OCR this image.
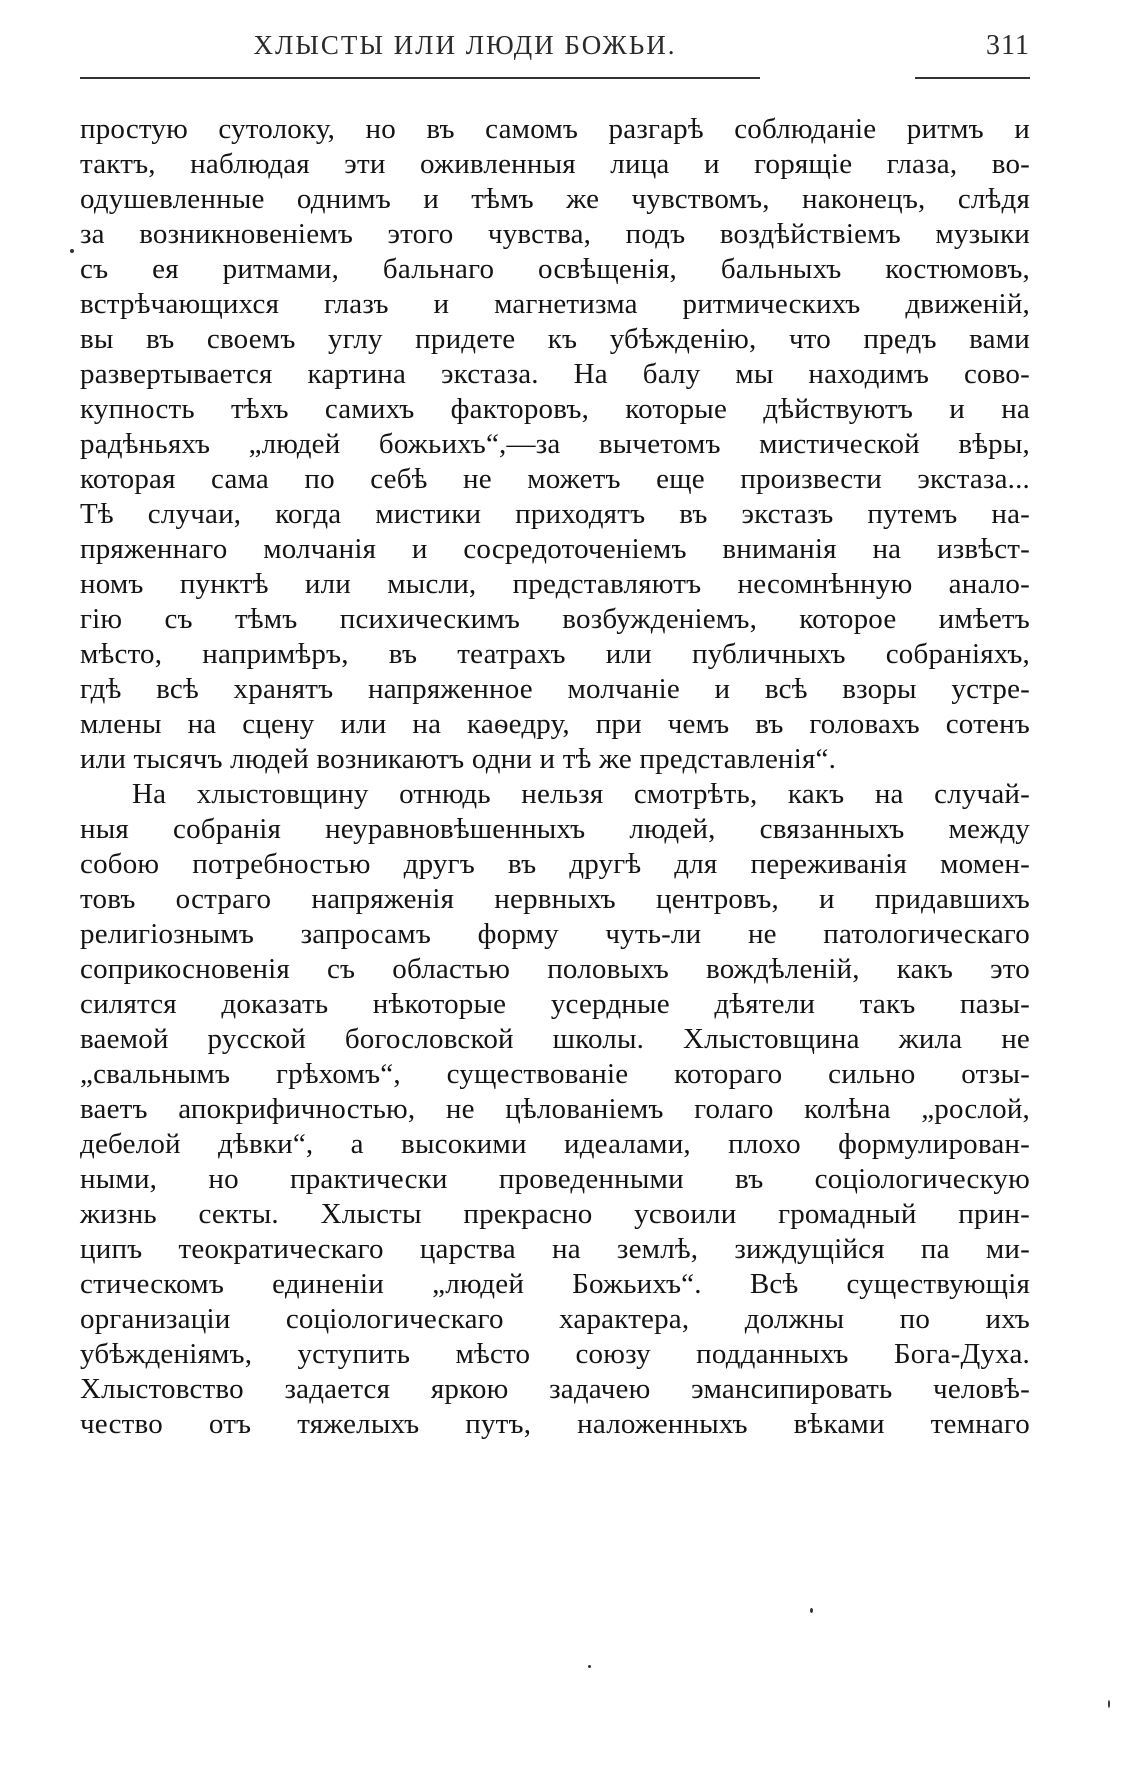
ХЛЫСТЫ ИЛИ ЛЮДИ БОЖЬИ.	311
простую сутолоку, но въ самомъ разгарѣ соблюданіе ритмъ и
тактъ, наблюдая эти оживленныя лица и горящіе глаза, во-
одушевленные однимъ и тѣмъ же чувствомъ, наконецъ, слѣдя
за возникновеніемъ этого чувства, подъ воздѣйствіемъ музыки
съ ея ритмами, бальнаго освѣщенія, бальныхъ костюмовъ,
встрѣчающихся глазъ и магнетизма ритмическихъ движеній,
вы въ своемъ углу придете къ убѣжденію, что предъ вами
развертывается картина экстаза. На балу мы находимъ сово-
купность тѣхъ самихъ факторовъ, которые дѣйствуютъ и на
радѣньяхъ „людей божьихъ“,—за вычетомъ мистической вѣры,
которая сама по себѣ не можетъ еще произвести экстаза...
Тѣ случаи, когда мистики приходятъ въ экстазъ путемъ на-
пряженнаго молчанія и сосредоточеніемъ вниманія на извѣст-
номъ пунктѣ или мысли, представляютъ несомнѣнную анало-
гію съ тѣмъ психическимъ возбужденіемъ, которое имѣетъ
мѣсто, напримѣръ, въ театрахъ или публичныхъ собраніяхъ,
гдѣ всѣ хранятъ напряженное молчаніе и всѣ взоры устре-
млены на сцену или на каѳедру, при чемъ въ головахъ сотенъ
или тысячъ людей возникаютъ одни и тѣ же представленія“.
На хлыстовщину отнюдь нельзя смотрѣть, какъ на случай-
ныя собранія неуравновѣшенныхъ людей, связанныхъ между
собою потребностью другъ въ другѣ для переживанія момен-
товъ остраго напряженія нервныхъ центровъ, и придавшихъ
религіознымъ запросамъ форму чуть-ли не патологическаго
соприкосновенія съ областью половыхъ вождѣленій, какъ это
силятся доказать нѣкоторые усердные дѣятели такъ пазы-
ваемой русской богословской школы. Хлыстовщина жила не
„свальнымъ грѣхомъ“, существованіе котораго сильно отзы-
ваетъ апокрифичностью, не цѣлованіемъ голаго колѣна „рослой,
дебелой дѣвки“, а высокими идеалами, плохо формулирован-
ными, но практически проведенными въ соціологическую
жизнь секты. Хлысты прекрасно усвоили громадный прин-
ципъ теократическаго царства на землѣ, зиждущійся па ми-
стическомъ единеніи „людей Божьихъ“. Всѣ существующія
организаціи соціологическаго характера, должны по ихъ
убѣжденіямъ, уступить мѣсто союзу подданныхъ Бога-Духа.
Хлыстовство задается яркою задачею эмансипировать человѣ-
чество отъ тяжелыхъ путъ, наложенныхъ вѣками темнаго
